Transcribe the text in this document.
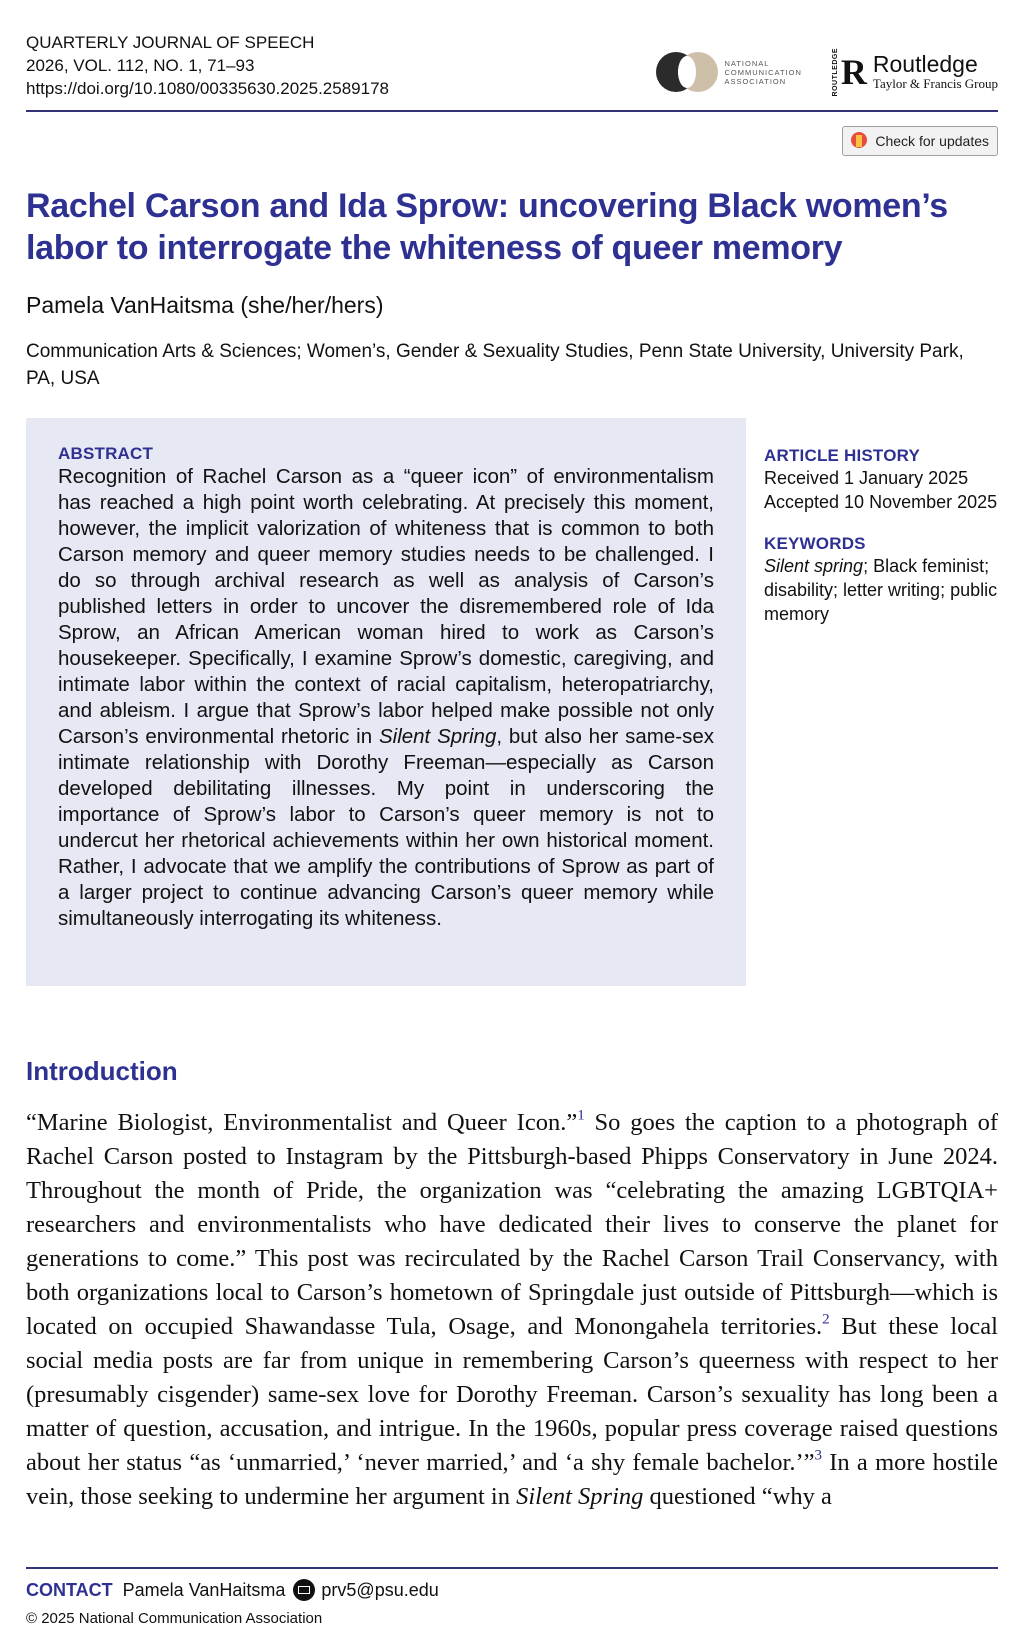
QUARTERLY JOURNAL OF SPEECH
2026, VOL. 112, NO. 1, 71–93
https://doi.org/10.1080/00335630.2025.2589178
NATIONAL
COMMUNICATION
ASSOCIATION	ROUTLEDGE R Routledge
Taylor & Francis Group
Check for updates
Rachel Carson and Ida Sprow: uncovering Black women’s labor to interrogate the whiteness of queer memory
Pamela VanHaitsma (she/her/hers)
Communication Arts & Sciences; Women’s, Gender & Sexuality Studies, Penn State University, University Park, PA, USA
ABSTRACT

Recognition of Rachel Carson as a “queer icon” of environmentalism has reached a high point worth celebrating. At precisely this moment, however, the implicit valorization of whiteness that is common to both Carson memory and queer memory studies needs to be challenged. I do so through archival research as well as analysis of Carson’s published letters in order to uncover the disremembered role of Ida Sprow, an African American woman hired to work as Carson’s housekeeper. Specifically, I examine Sprow’s domestic, caregiving, and intimate labor within the context of racial capitalism, heteropatriarchy, and ableism. I argue that Sprow’s labor helped make possible not only Carson’s environmental rhetoric in Silent Spring, but also her same-sex intimate relationship with Dorothy Freeman—especially as Carson developed debilitating illnesses. My point in underscoring the importance of Sprow’s labor to Carson’s queer memory is not to undercut her rhetorical achievements within her own historical moment. Rather, I advocate that we amplify the contributions of Sprow as part of a larger project to continue advancing Carson’s queer memory while simultaneously interrogating its whiteness.

ARTICLE HISTORY
Received 1 January 2025
Accepted 10 November 2025
KEYWORDS
Silent spring; Black feminist; disability; letter writing; public memory
Introduction

“Marine Biologist, Environmentalist and Queer Icon.”$^1$ So goes the caption to a photograph of Rachel Carson posted to Instagram by the Pittsburgh-based Phipps Conservatory in June 2024. Throughout the month of Pride, the organization was “celebrating the amazing LGBTQIA+ researchers and environmentalists who have dedicated their lives to conserve the planet for generations to come.” This post was recirculated by the Rachel Carson Trail Conservancy, with both organizations local to Carson’s hometown of Springdale just outside of Pittsburgh—which is located on occupied Shawandasse Tula, Osage, and Monongahela territories.$^2$ But these local social media posts are far from unique in remembering Carson’s queerness with respect to her (presumably cisgender) same-sex love for Dorothy Freeman. Carson’s sexuality has long been a matter of question, accusation, and intrigue. In the 1960s, popular press coverage raised questions about her status “as ‘unmarried,’ ‘never married,’ and ‘a shy female bachelor.’”$^3$ In a more hostile vein, those seeking to undermine her argument in Silent Spring questioned “why a

CONTACT Pamela VanHaitsma prv5@psu.edu
© 2025 National Communication Association
